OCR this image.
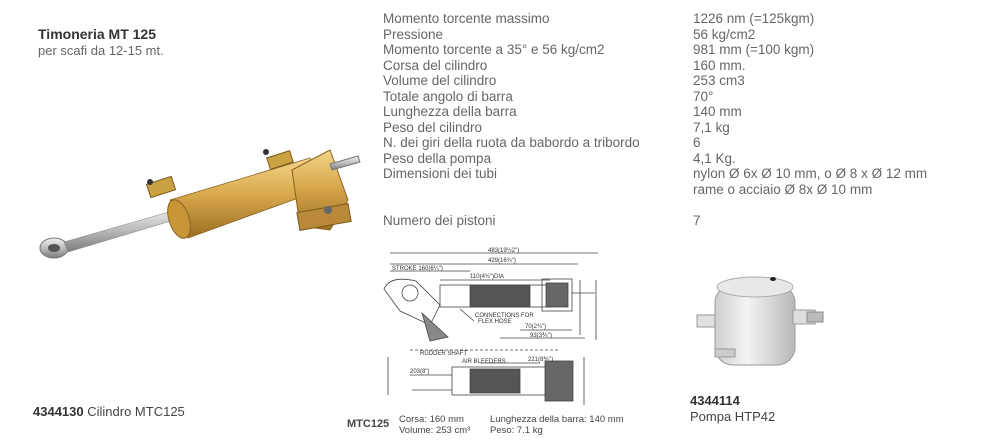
Timoneria MT 125
per scafi da 12-15 mt.
Momento torcente massimo	1226 nm (=125kgm)
Pressione	56 kg/cm2
Momento torcente a 35° e 56 kg/cm2	981 mm (=100 kgm)
Corsa del cilindro	160 mm.
Volume del cilindro	253 cm3
Totale angolo di barra	70°
Lunghezza della barra	140 mm
Peso del cilindro	7,1 kg
N. dei giri della ruota da babordo a tribordo	6
Peso della pompa	4,1 Kg.
Dimensioni dei tubi	nylon Ø 6x Ø 10 mm, o Ø 8 x Ø 12 mm

rame o acciaio Ø 8x Ø 10 mm

Numero dei pistoni	7
483(19½2")
429(16¾")
STROKE 160(6¼")
110(4¾")DIA
CONNECTIONS FOR
FLEX HOSE
70(2¾")
93(3⅗")
RUDDER SHAFT
AIR BLEEDERS	221(8⅗")
203(8")
4344130 Cilindro MTC125
4344114
Pompa HTP42
MTC125 Corsa: 160 mm
Volume: 253 cm³
Lunghezza della barra: 140 mm
Peso: 7.1 kg
